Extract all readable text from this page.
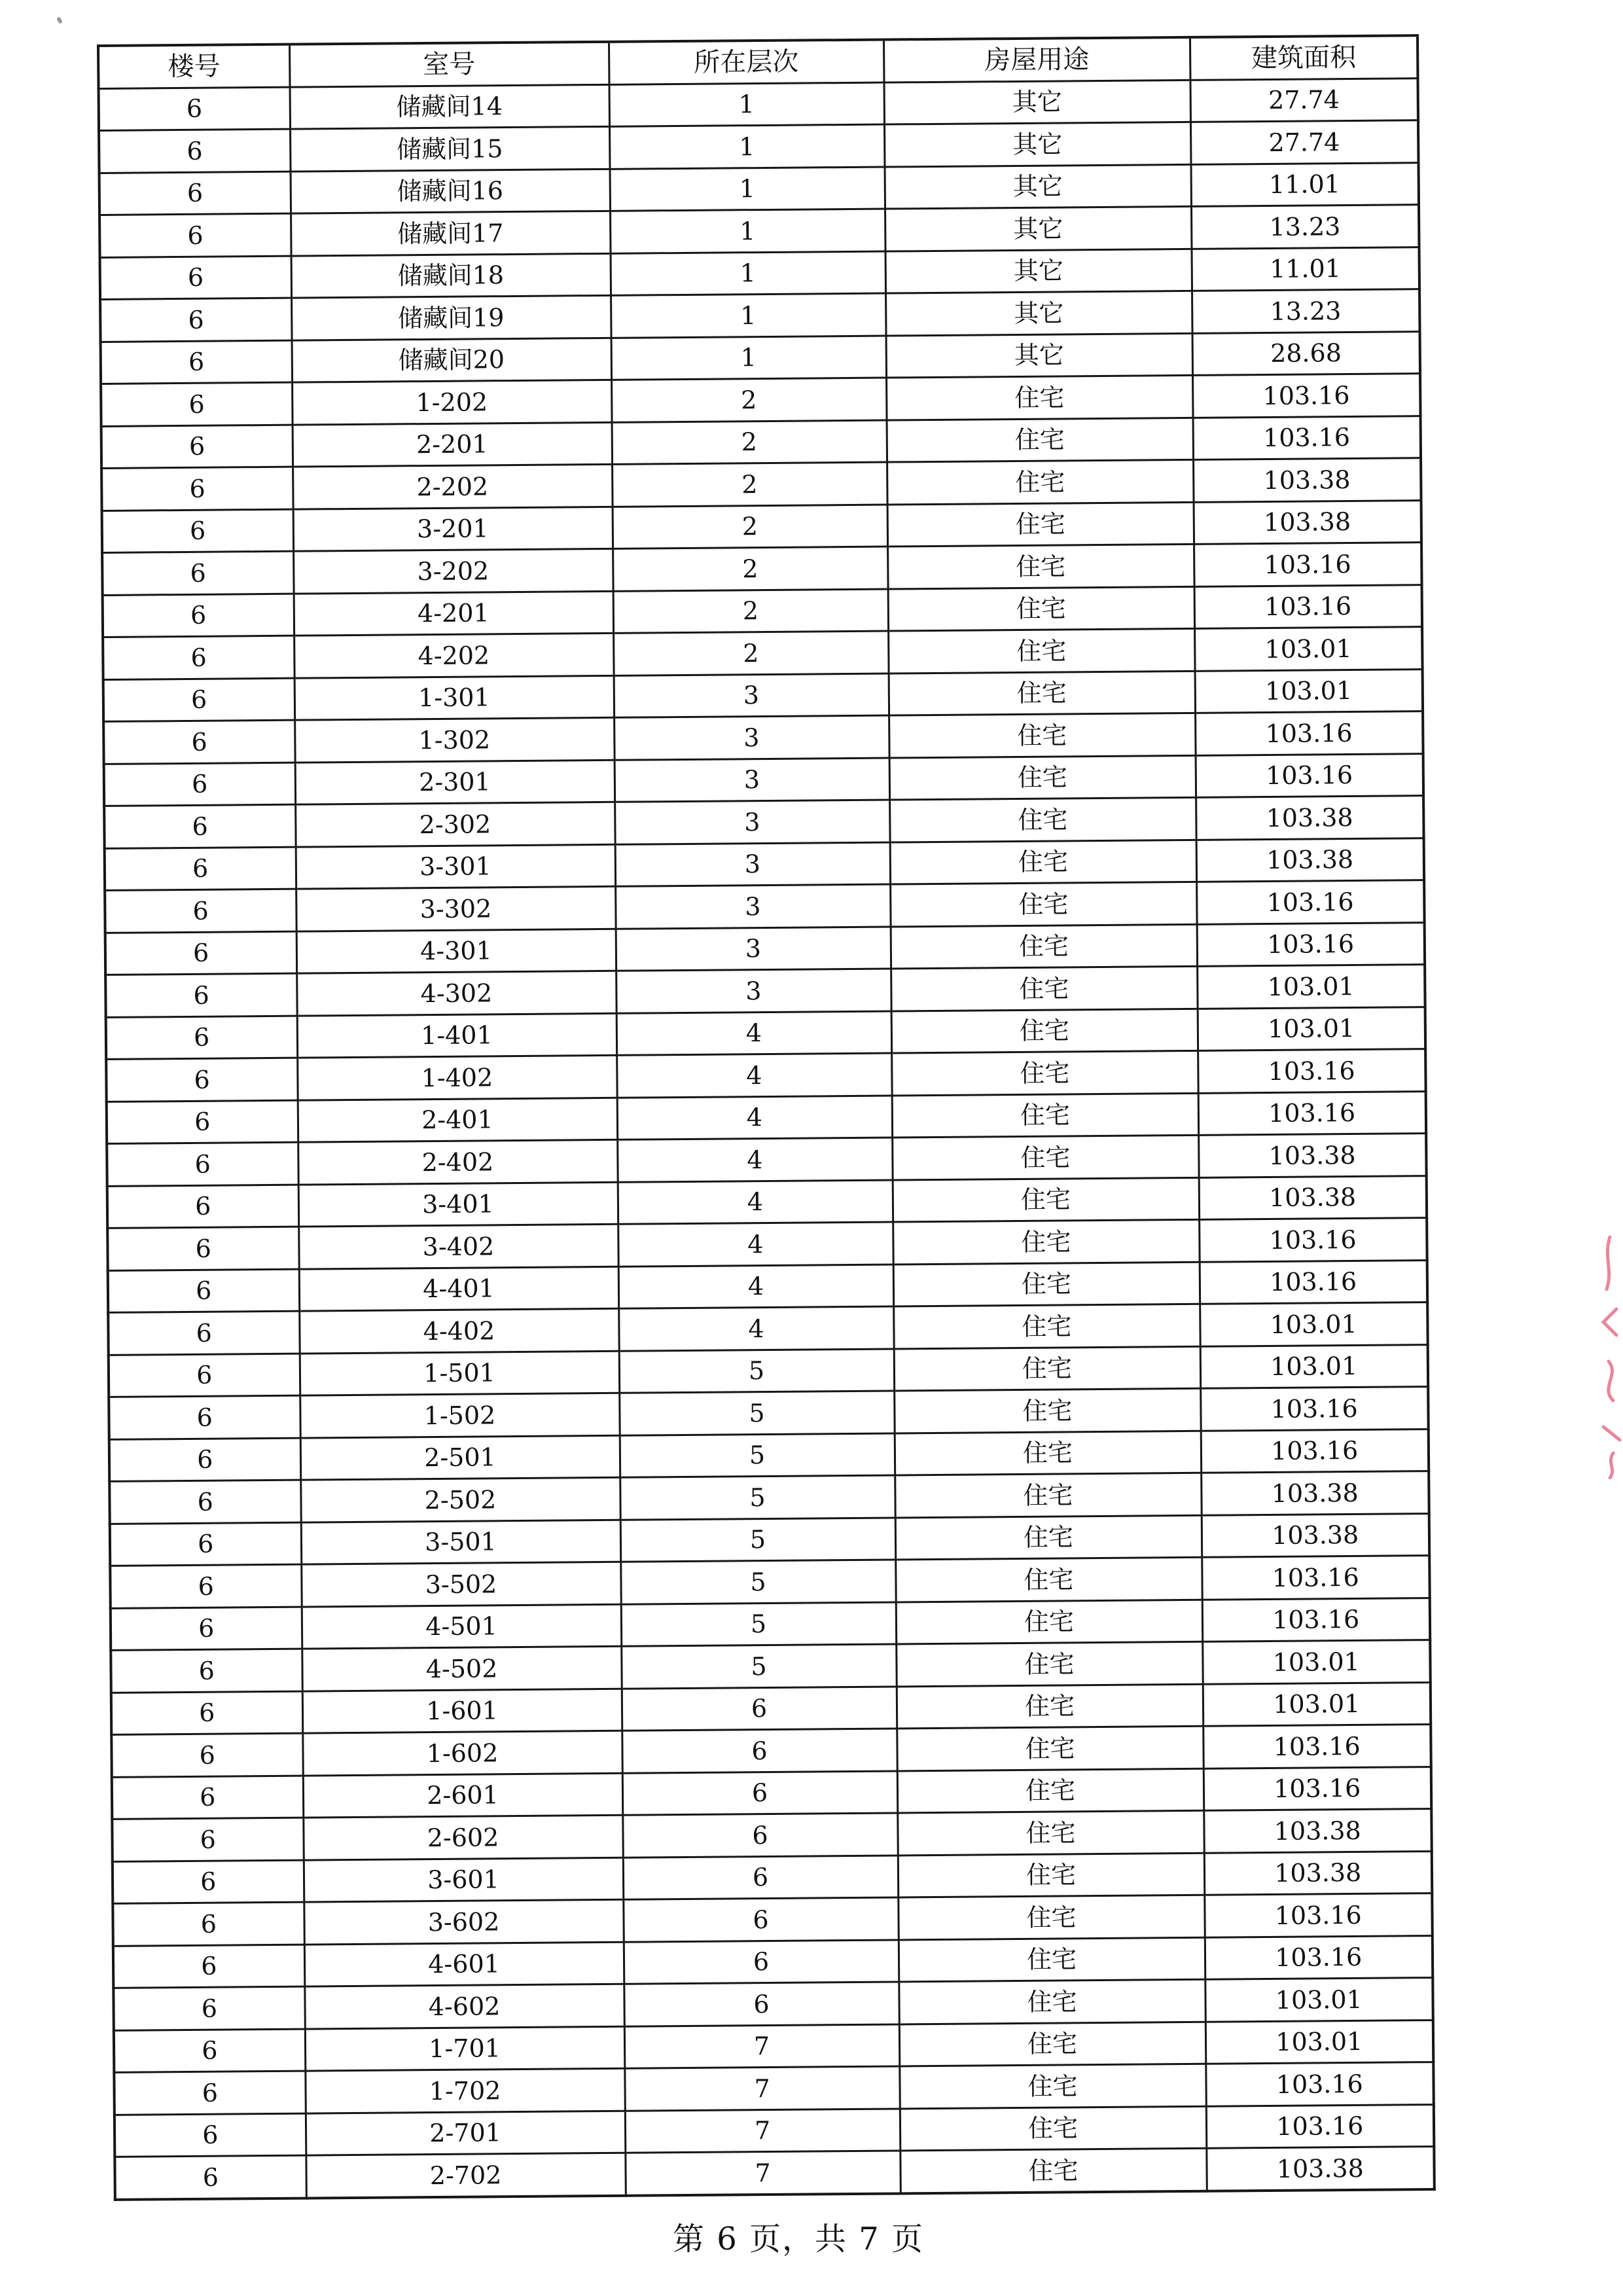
楼号	室号	所在层次	房屋用途	建筑面积
6	储藏间14	1	其它	27.74
6	储藏间15	1	其它	27.74
6	储藏间16	1	其它	11.01
6	储藏间17	1	其它	13.23
6	储藏间18	1	其它	11.01
6	储藏间19	1	其它	13.23
6	储藏间20	1	其它	28.68
6	1-202	2	住宅	103.16
6	2-201	2	住宅	103.16
6	2-202	2	住宅	103.38
6	3-201	2	住宅	103.38
6	3-202	2	住宅	103.16
6	4-201	2	住宅	103.16
6	4-202	2	住宅	103.01
6	1-301	3	住宅	103.01
6	1-302	3	住宅	103.16
6	2-301	3	住宅	103.16
6	2-302	3	住宅	103.38
6	3-301	3	住宅	103.38
6	3-302	3	住宅	103.16
6	4-301	3	住宅	103.16
6	4-302	3	住宅	103.01
6	1-401	4	住宅	103.01
6	1-402	4	住宅	103.16
6	2-401	4	住宅	103.16
6	2-402	4	住宅	103.38
6	3-401	4	住宅	103.38
6	3-402	4	住宅	103.16
6	4-401	4	住宅	103.16
6	4-402	4	住宅	103.01
6	1-501	5	住宅	103.01
6	1-502	5	住宅	103.16
6	2-501	5	住宅	103.16
6	2-502	5	住宅	103.38
6	3-501	5	住宅	103.38
6	3-502	5	住宅	103.16
6	4-501	5	住宅	103.16
6	4-502	5	住宅	103.01
6	1-601	6	住宅	103.01
6	1-602	6	住宅	103.16
6	2-601	6	住宅	103.16
6	2-602	6	住宅	103.38
6	3-601	6	住宅	103.38
6	3-602	6	住宅	103.16
6	4-601	6	住宅	103.16
6	4-602	6	住宅	103.01
6	1-701	7	住宅	103.01
6	1-702	7	住宅	103.16
6	2-701	7	住宅	103.16
6	2-702	7	住宅	103.38
第 6 页，共 7 页
